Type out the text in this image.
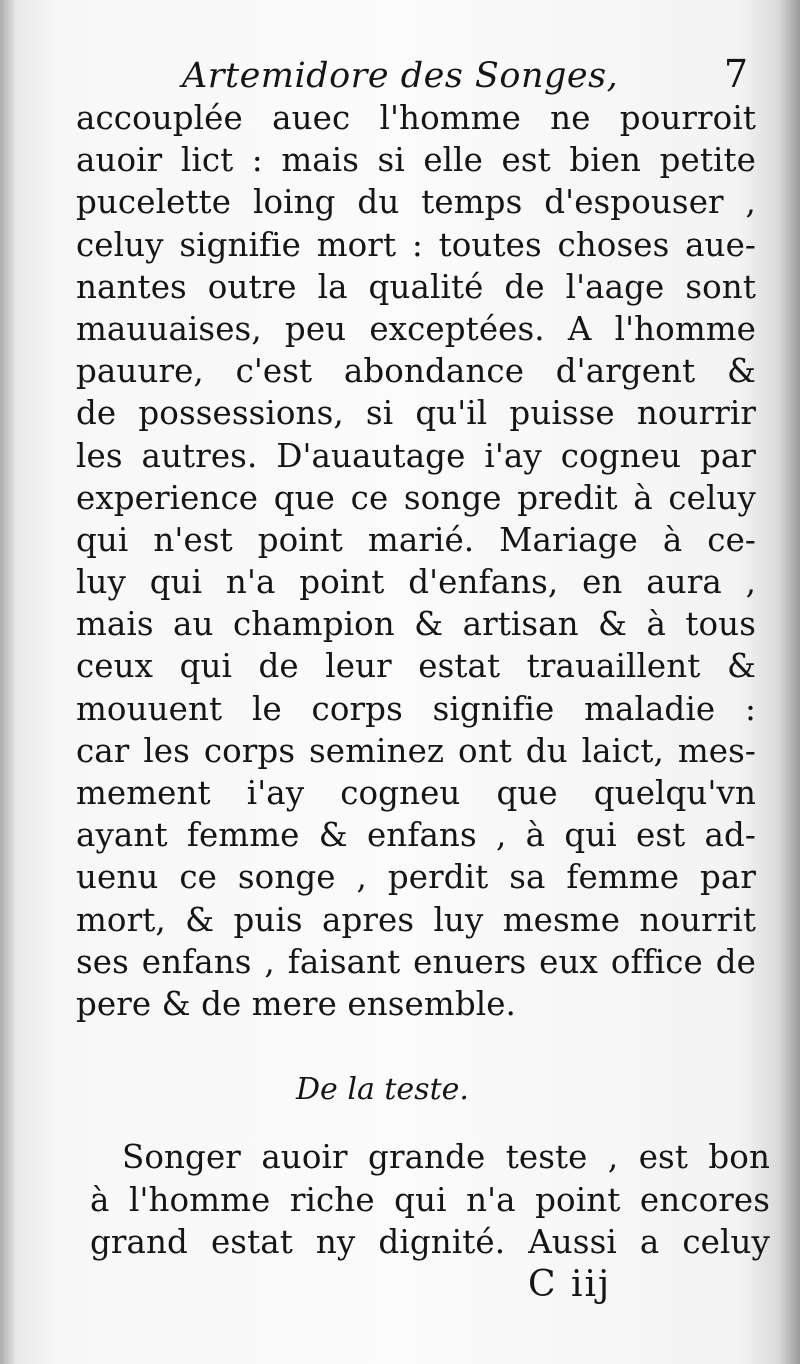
Artemidore des Songes,	7
accouplée auec l'homme ne pourroit
auoir lict : mais si elle est bien petite
pucelette loing du temps d'espouser ,
celuy signifie mort : toutes choses aue-
nantes outre la qualité de l'aage sont
mauuaises, peu exceptées. A l'homme
pauure, c'est abondance d'argent &
de possessions, si qu'il puisse nourrir
les autres. D'auautage i'ay cogneu par
experience que ce songe predit à celuy
qui n'est point marié. Mariage à ce-
luy qui n'a point d'enfans, en aura ,
mais au champion & artisan & à tous
ceux qui de leur estat trauaillent &
mouuent le corps signifie maladie :
car les corps seminez ont du laict, mes-
mement i'ay cogneu que quelqu'vn
ayant femme & enfans , à qui est ad-
uenu ce songe , perdit sa femme par
mort, & puis apres luy mesme nourrit
ses enfans , faisant enuers eux office de
pere & de mere ensemble.
De la teste.
Songer auoir grande teste , est bon
à l'homme riche qui n'a point encores
grand estat ny dignité. Aussi a celuy
C iij
